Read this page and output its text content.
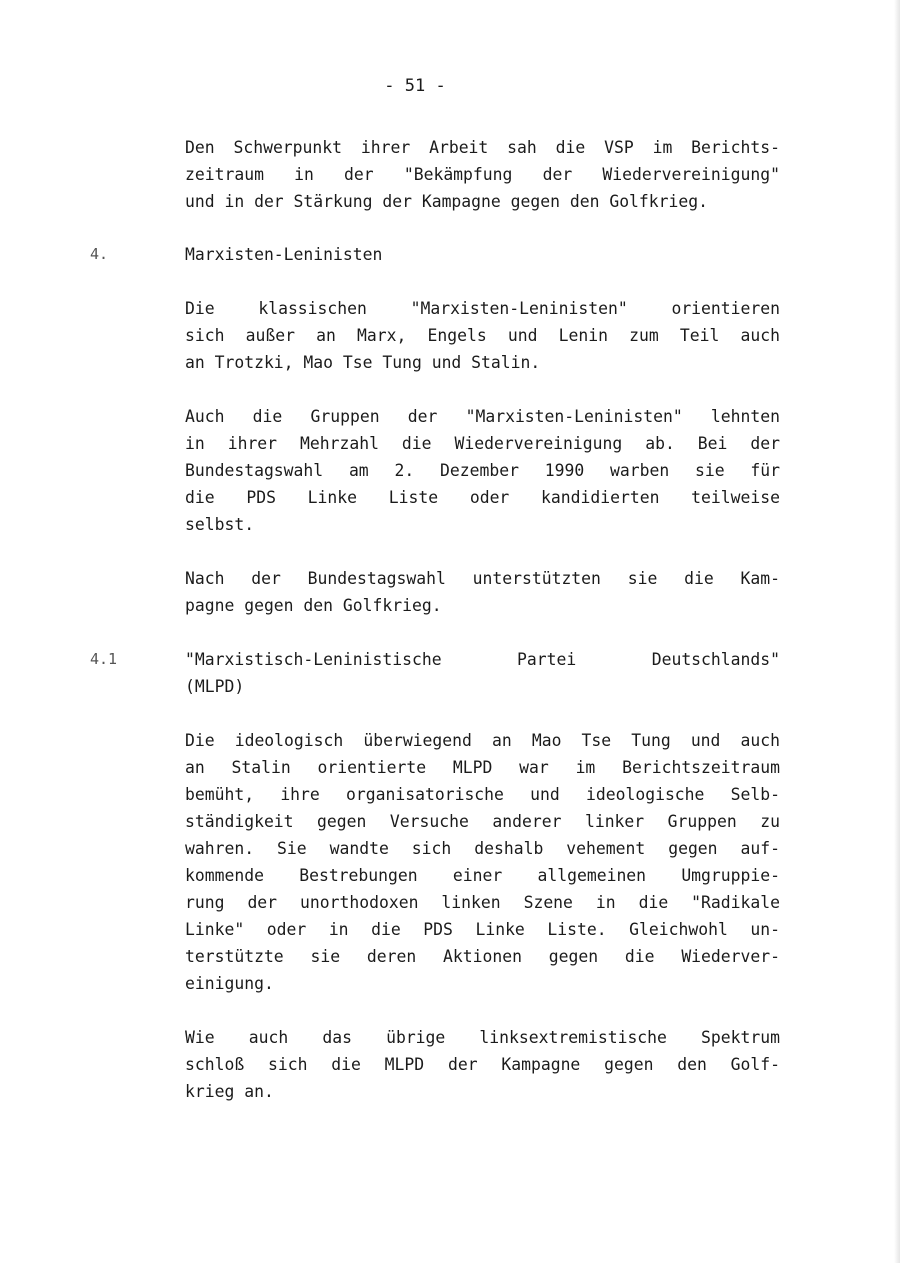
- 51 -
Den Schwerpunkt ihrer Arbeit sah die VSP im Berichts-
zeitraum in der "Bekämpfung der Wiedervereinigung"
und in der Stärkung der Kampagne gegen den Golfkrieg.
4.	Marxisten-Leninisten
Die klassischen "Marxisten-Leninisten" orientieren
sich außer an Marx, Engels und Lenin zum Teil auch
an Trotzki, Mao Tse Tung und Stalin.
Auch die Gruppen der "Marxisten-Leninisten" lehnten
in ihrer Mehrzahl die Wiedervereinigung ab. Bei der
Bundestagswahl am 2. Dezember 1990 warben sie für
die PDS Linke Liste oder kandidierten teilweise
selbst.
Nach der Bundestagswahl unterstützten sie die Kam-
pagne gegen den Golfkrieg.
4.1	"Marxistisch-Leninistische Partei Deutschlands"
(MLPD)
Die ideologisch überwiegend an Mao Tse Tung und auch
an Stalin orientierte MLPD war im Berichtszeitraum
bemüht, ihre organisatorische und ideologische Selb-
ständigkeit gegen Versuche anderer linker Gruppen zu
wahren. Sie wandte sich deshalb vehement gegen auf-
kommende Bestrebungen einer allgemeinen Umgruppie-
rung der unorthodoxen linken Szene in die "Radikale
Linke" oder in die PDS Linke Liste. Gleichwohl un-
terstützte sie deren Aktionen gegen die Wiederver-
einigung.
Wie auch das übrige linksextremistische Spektrum
schloß sich die MLPD der Kampagne gegen den Golf-
krieg an.
